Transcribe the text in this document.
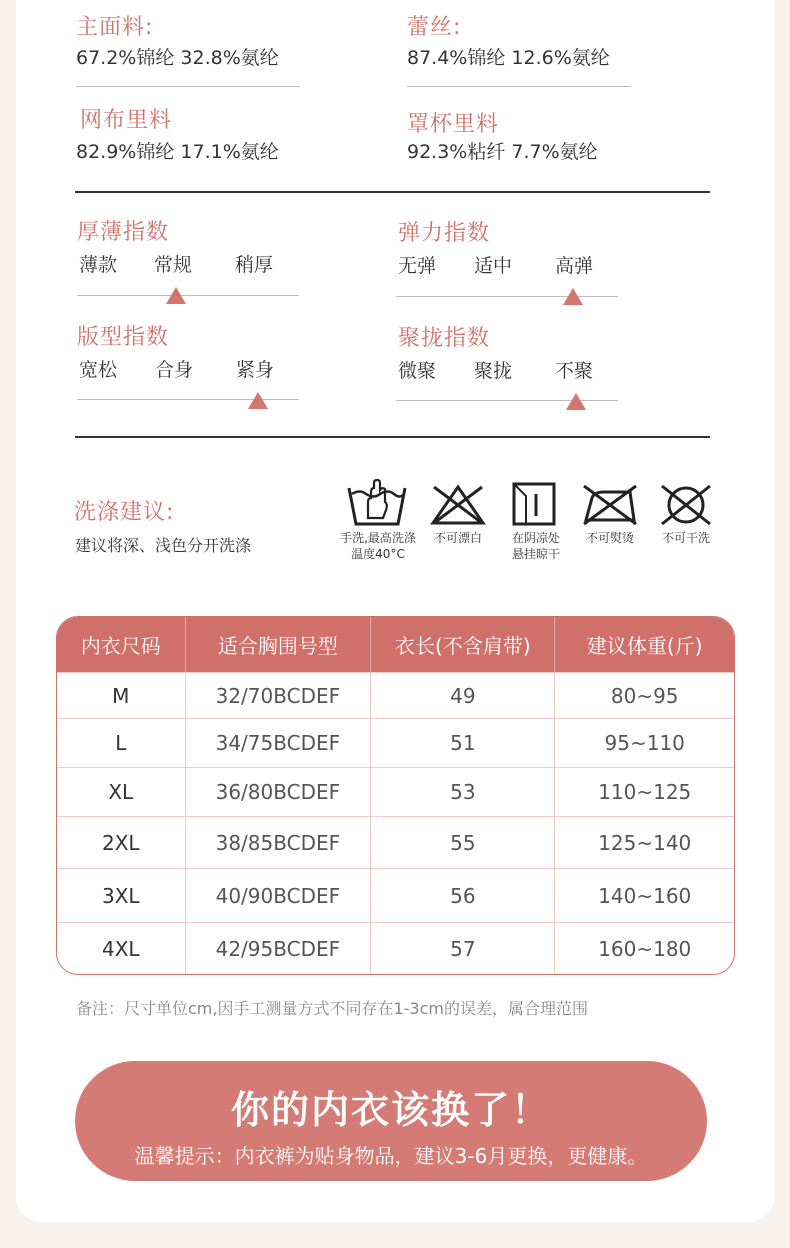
主面料:
67.2%锦纶 32.8%氨纶
蕾丝:
87.4%锦纶 12.6%氨纶
网布里料
82.9%锦纶 17.1%氨纶
罩杯里料
92.3%粘纤 7.7%氨纶
厚薄指数
薄款 常规 稍厚
弹力指数
无弹 适中 高弹
版型指数
宽松 合身 紧身
聚拢指数
微聚 聚拢 不聚
洗涤建议:
建议将深、浅色分开洗涤	手洗,最高洗涤
温度40°C
不可漂白	在阴凉处
悬挂晾干
不可熨烫	不可干洗
内衣尺码	适合胸围号型	衣长(不含肩带)	建议体重(斤)
M	32/70BCDEF	49	80~95
L	34/75BCDEF	51	95~110
XL	36/80BCDEF	53	110~125
2XL	38/85BCDEF	55	125~140
3XL	40/90BCDEF	56	140~160
4XL	42/95BCDEF	57	160~180
备注：尺寸单位cm,因手工测量方式不同存在1-3cm的误差，属合理范围
你的内衣该换了！
温馨提示：内衣裤为贴身物品，建议3-6月更换，更健康。
